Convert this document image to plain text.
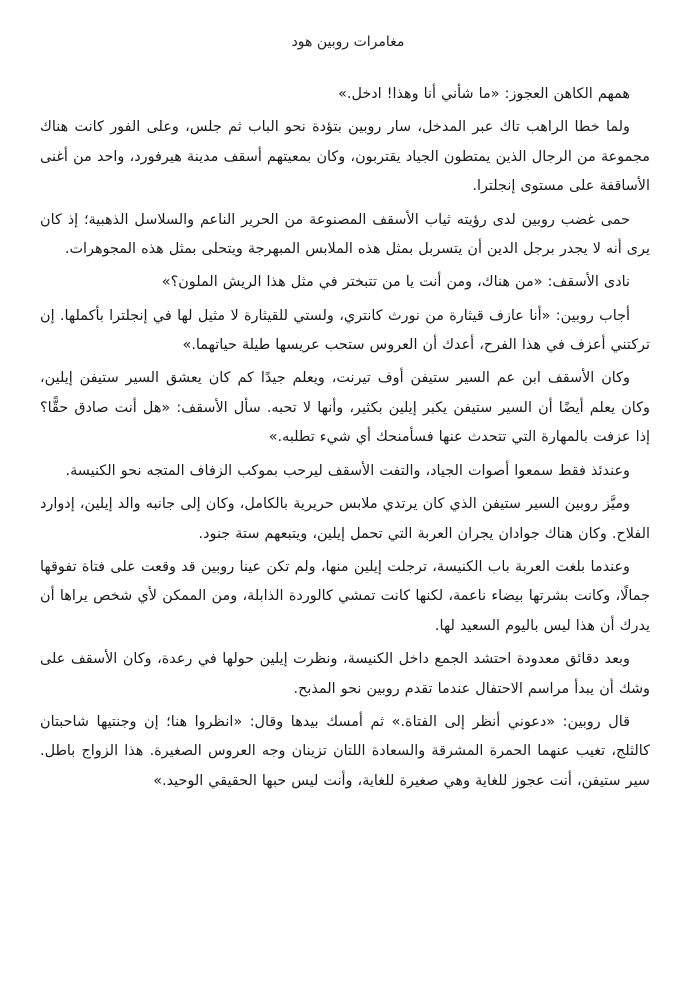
مغامرات روبين هود

همهم الكاهن العجوز: «ما شأني أنا وهذا! ادخل.»

ولما خطا الراهب تاك عبر المدخل، سار روبين بتؤدة نحو الباب ثم جلس، وعلى الفور كانت هناك مجموعة من الرجال الذين يمتطون الجياد يقتربون، وكان بمعيتهم أسقف مدينة هيرفورد، واحد من أغنى الأساقفة على مستوى إنجلترا.

حمى غضب روبين لدى رؤيته ثياب الأسقف المصنوعة من الحرير الناعم والسلاسل الذهبية؛ إذ كان يرى أنه لا يجدر برجل الدين أن يتسربل بمثل هذه الملابس المبهرجة ويتحلى بمثل هذه المجوهرات.

نادى الأسقف: «من هناك، ومن أنت يا من تتبختر في مثل هذا الريش الملون؟»

أجاب روبين: «أنا عازف قيثارة من نورث كانتري، ولستي للقيثارة لا مثيل لها في إنجلترا بأكملها. إن تركتني أعزف في هذا الفرح، أعدك أن العروس ستحب عريسها طيلة حياتهما.»

وكان الأسقف ابن عم السير ستيفن أوف تيرنت، ويعلم جيدًا كم كان يعشق السير ستيفن إيلين، وكان يعلم أيضًا أن السير ستيفن يكبر إيلين بكثير، وأنها لا تحبه. سأل الأسقف: «هل أنت صادق حقًّا؟ إذا عزفت بالمهارة التي تتحدث عنها فسأمنحك أي شيء تطلبه.»

وعندئذ فقط سمعوا أصوات الجياد، والتفت الأسقف ليرحب بموكب الزفاف المتجه نحو الكنيسة.

وميَّز روبين السير ستيفن الذي كان يرتدي ملابس حريرية بالكامل، وكان إلى جانبه والد إيلين، إدوارد الفلاح. وكان هناك جوادان يجران العربة التي تحمل إيلين، ويتبعهم ستة جنود.

وعندما بلغت العربة باب الكنيسة، ترجلت إيلين منها، ولم تكن عينا روبين قد وقعت على فتاة تفوقها جمالًا، وكانت بشرتها بيضاء ناعمة، لكنها كانت تمشي كالوردة الذابلة، ومن الممكن لأي شخص يراها أن يدرك أن هذا ليس باليوم السعيد لها.

وبعد دقائق معدودة احتشد الجمع داخل الكنيسة، ونظرت إيلين حولها في رعدة، وكان الأسقف على وشك أن يبدأ مراسم الاحتفال عندما تقدم روبين نحو المذبح.

قال روبين: «دعوني أنظر إلى الفتاة.» ثم أمسك بيدها وقال: «انظروا هنا؛ إن وجنتيها شاحبتان كالثلج، تغيب عنهما الحمرة المشرقة والسعادة اللتان تزينان وجه العروس الصغيرة. هذا الزواج باطل. سير ستيفن، أنت عجوز للغاية وهي صغيرة للغاية، وأنت ليس حبها الحقيقي الوحيد.»
